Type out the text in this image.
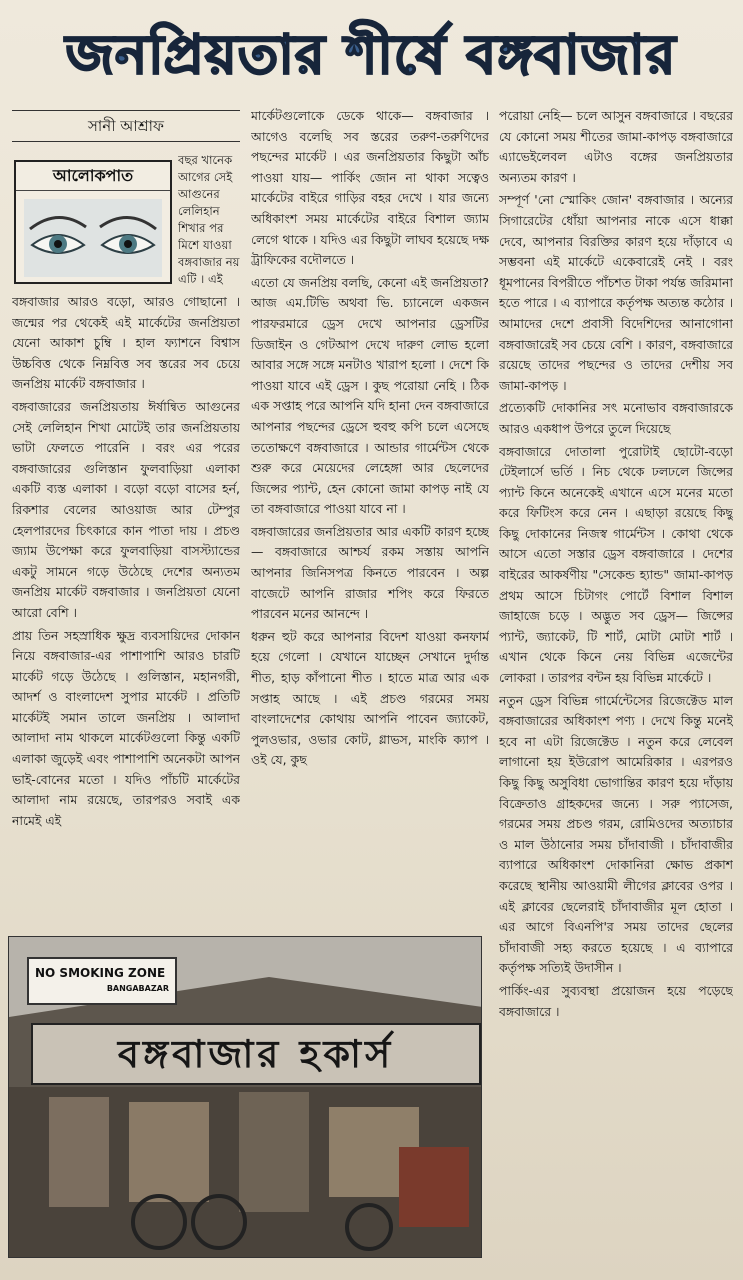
জনপ্রিয়তার শীর্ষে বঙ্গবাজার
সানী আশ্রাফ
আলোকপাত
বছর খানেক আগের সেই আগুনের লেলিহান শিখার পর মিশে যাওয়া বঙ্গবাজার নয় এটি । এই

বঙ্গবাজার আরও বড়ো, আরও গোছানো । জন্মের পর থেকেই এই মার্কেটের জনপ্রিয়তা যেনো আকাশ চুম্বি । হাল ফ্যাশনে বিশ্বাস উচ্চবিত্ত থেকে নিম্নবিত্ত সব স্তরের সব চেয়ে জনপ্রিয় মার্কেট বঙ্গবাজার ।

বঙ্গবাজারের জনপ্রিয়তায় ঈর্ষান্বিত আগুনের সেই লেলিহান শিখা মোটেই তার জনপ্রিয়তায় ভাটা ফেলতে পারেনি । বরং এর পরের বঙ্গবাজারের গুলিস্তান ফুলবাড়িয়া এলাকা একটি ব্যস্ত এলাকা । বড়ো বড়ো বাসের হর্ন, রিকশার বেলের আওয়াজ আর টেম্পুর হেলপারদের চিৎকারে কান পাতা দায় । প্রচণ্ড জ্যাম উপেক্ষা করে ফুলবাড়িয়া বাসস্ট্যান্ডের একটু সামনে গড়ে উঠেছে দেশের অন্যতম জনপ্রিয় মার্কেট বঙ্গবাজার । জনপ্রিয়তা যেনো আরো বেশি ।

প্রায় তিন সহস্রাধিক ক্ষুদ্র ব্যবসায়িদের দোকান নিয়ে বঙ্গবাজার-এর পাশাপাশি আরও চারটি মার্কেট গড়ে উঠেছে । গুলিস্তান, মহানগরী, আদর্শ ও বাংলাদেশ সুপার মার্কেট । প্রতিটি মার্কেটই সমান তালে জনপ্রিয় । আলাদা আলাদা নাম থাকলে মার্কেটগুলো কিন্তু একটি এলাকা জুড়েই এবং পাশাপাশি অনেকটা আপন ভাই-বোনের মতো । যদিও পাঁচটি মার্কেটের আলাদা নাম রয়েছে, তারপরও সবাই এক নামেই এই

মার্কেটগুলোকে ডেকে থাকে— বঙ্গবাজার । আগেও বলেছি সব স্তরের তরুণ-তরুণিদের পছন্দের মার্কেট । এর জনপ্রিয়তার কিছুটা আঁচ পাওয়া যায়— পার্কিং জোন না থাকা সত্বেও মার্কেটের বাইরে গাড়ির বহর দেখে । যার জন্যে অধিকাংশ সময় মার্কেটের বাইরে বিশাল জ্যাম লেগে থাকে । যদিও এর কিছুটা লাঘব হয়েছে দক্ষ ট্রাফিকের বদৌলতে ।

এতো যে জনপ্রিয় বলছি, কেনো এই জনপ্রিয়তা? আজ এম.টিভি অথবা ভি. চ্যানেলে একজন পারফরমারে ড্রেস দেখে আপনার ড্রেসটির ডিজাইন ও গেটআপ দেখে দারুণ লোভ হলো আবার সঙ্গে সঙ্গে মনটাও খারাপ হলো । দেশে কি পাওয়া যাবে এই ড্রেস । কুছ পরোয়া নেহি । ঠিক এক সপ্তাহ পরে আপনি যদি হানা দেন বঙ্গবাজারে আপনার পছন্দের ড্রেসে হুবহু কপি চলে এসেছে ততোক্ষণে বঙ্গবাজারে । আন্ডার গার্মেন্টস থেকে শুরু করে মেয়েদের লেহেঙ্গা আর ছেলেদের জিন্সের প্যান্ট, হেন কোনো জামা কাপড় নাই যে তা বঙ্গবাজারে পাওয়া যাবে না ।

বঙ্গবাজারের জনপ্রিয়তার আর একটি কারণ হচ্ছে— বঙ্গবাজারে আশ্চর্য রকম সস্তায় আপনি আপনার জিনিসপত্র কিনতে পারবেন । অল্প বাজেটে আপনি রাজার শপিং করে ফিরতে পারবেন মনের আনন্দে ।

ধরুন হুট করে আপনার বিদেশ যাওয়া কনফার্ম হয়ে গেলো । যেখানে যাচ্ছেন সেখানে দুর্দান্ত শীত, হাড় কাঁপানো শীত । হাতে মাত্র আর এক সপ্তাহ আছে । এই প্রচণ্ড গরমের সময় বাংলাদেশের কোথায় আপনি পাবেন জ্যাকেট, পুলওভার, ওভার কোট, গ্লাভস, মাংকি ক্যাপ । ওই যে, কুছ

পরোয়া নেহি— চলে আসুন বঙ্গবাজারে । বছরের যে কোনো সময় শীতের জামা-কাপড় বঙ্গবাজারে এ্যাভেইলেবল এটাও বঙ্গের জনপ্রিয়তার অন্যতম কারণ ।

সম্পূর্ণ 'নো স্মোকিং জোন' বঙ্গবাজার । অন্যের সিগারেটের ধোঁয়া আপনার নাকে এসে ধাক্কা দেবে, আপনার বিরক্তির কারণ হয়ে দাঁড়াবে এ সম্ভবনা এই মার্কেটে একেবারেই নেই । বরং ধূমপানের বিপরীতে পাঁচশত টাকা পর্যন্ত জরিমানা হতে পারে । এ ব্যাপারে কর্তৃপক্ষ অত্যন্ত কঠোর । আমাদের দেশে প্রবাসী বিদেশিদের আনাগোনা বঙ্গবাজারেই সব চেয়ে বেশি । কারণ, বঙ্গবাজারে রয়েছে তাদের পছন্দের ও তাদের দেশীয় সব জামা-কাপড় ।

প্রত্যেকটি দোকানির সৎ মনোভাব বঙ্গবাজারকে আরও একধাপ উপরে তুলে দিয়েছে

বঙ্গবাজারে দোতালা পুরোটাই ছোটো-বড়ো টেইলার্সে ভর্তি । নিচ থেকে ঢলঢলে জিন্সের প্যান্ট কিনে অনেকেই এখানে এসে মনের মতো করে ফিটিংস করে নেন । এছাড়া রয়েছে কিছু কিছু দোকানের নিজস্ব গার্মেন্টস । কোথা থেকে আসে এতো সস্তার ড্রেস বঙ্গবাজারে । দেশের বাইরের আকর্ষণীয় "সেকেন্ড হ্যান্ড" জামা-কাপড় প্রথম আসে চিটাগং পোর্টে বিশাল বিশাল জাহাজে চড়ে । অদ্ভুত সব ড্রেস— জিন্সের প্যান্ট, জ্যাকেট, টি শার্ট, মোটা মোটা শার্ট । এখান থেকে কিনে নেয় বিভিন্ন এজেন্টের লোকরা । তারপর বন্টন হয় বিভিন্ন মার্কেটে ।

নতুন ড্রেস বিভিন্ন গার্মেন্টেসের রিজেক্টেড মাল বঙ্গবাজারের অধিকাংশ পণ্য । দেখে কিন্তু মনেই হবে না এটা রিজেক্টেড । নতুন করে লেবেল লাগানো হয় ইউরোপ আমেরিকার । এরপরও কিছু কিছু অসুবিধা ভোগান্তির কারণ হয়ে দাঁড়ায় বিক্রেতাও গ্রাহকদের জন্যে । সরু প্যাসেজ, গরমের সময় প্রচণ্ড গরম, রোমিওদের অত্যাচার ও মাল উঠানোর সময় চাঁদাবাজী । চাঁদাবাজীর ব্যাপারে অধিকাংশ দোকানিরা ক্ষোভ প্রকাশ করেছে স্থানীয় আওয়ামী লীগের ক্লাবের ওপর । এই ক্লাবের ছেলেরাই চাঁদাবাজীর মূল হোতা । এর আগে বিএনপি'র সময় তাদের ছেলের চাঁদাবাজী সহ্য করতে হয়েছে । এ ব্যাপারে কর্তৃপক্ষ সত্যিই উদাসীন ।

পার্কিং-এর সুব্যবস্থা প্রয়োজন হয়ে পড়েছে বঙ্গবাজারে ।

NO SMOKING ZONE
BANGABAZAR
বঙ্গবাজার হকার্স
